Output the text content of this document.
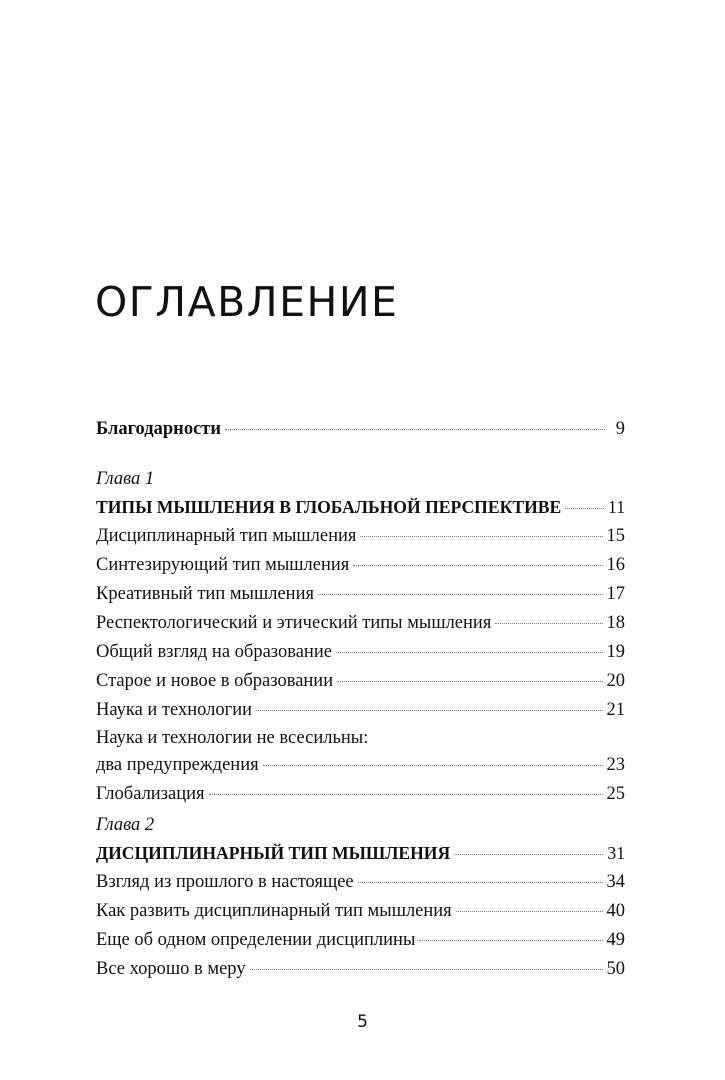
ОГЛАВЛЕНИЕ
Благодарности	9
Глава 1
ТИПЫ МЫШЛЕНИЯ В ГЛОБАЛЬНОЙ ПЕРСПЕКТИВЕ	11
Дисциплинарный тип мышления	15
Синтезирующий тип мышления	16
Креативный тип мышления	17
Респектологический и этический типы мышления	18
Общий взгляд на образование	19
Старое и новое в образовании	20
Наука и технологии	21
Наука и технологии не всесильны:
два предупреждения	23
Глобализация	25
Глава 2
ДИСЦИПЛИНАРНЫЙ ТИП МЫШЛЕНИЯ	31
Взгляд из прошлого в настоящее	34
Как развить дисциплинарный тип мышления	40
Еще об одном определении дисциплины	49
Все хорошо в меру	50
5
